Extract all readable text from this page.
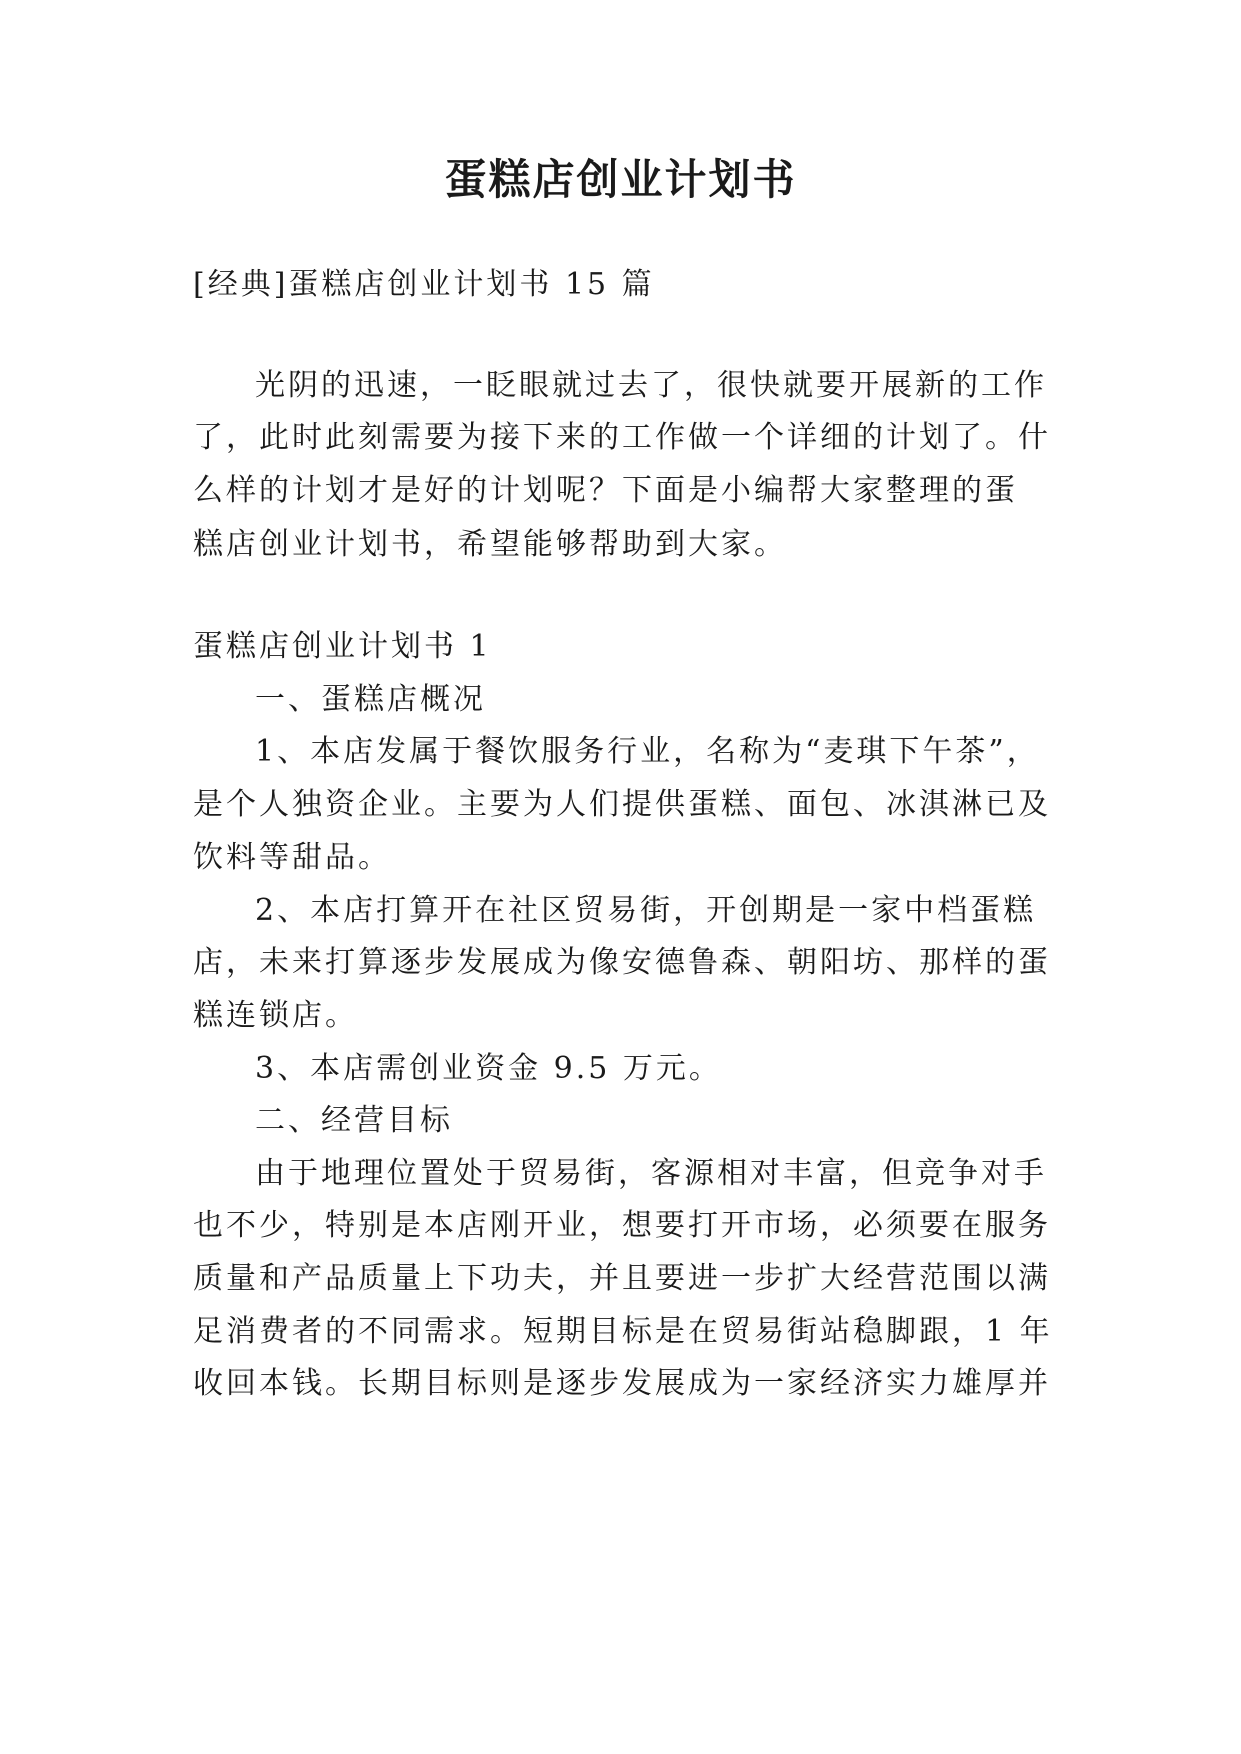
蛋糕店创业计划书

[经典]蛋糕店创业计划书 15 篇

光阴的迅速，一眨眼就过去了，很快就要开展新的工作

了，此时此刻需要为接下来的工作做一个详细的计划了。什

么样的计划才是好的计划呢？下面是小编帮大家整理的蛋

糕店创业计划书，希望能够帮助到大家。

蛋糕店创业计划书 1

一、蛋糕店概况

1、本店发属于餐饮服务行业，名称为“麦琪下午茶”，

是个人独资企业。主要为人们提供蛋糕、面包、冰淇淋已及

饮料等甜品。

2、本店打算开在社区贸易街，开创期是一家中档蛋糕

店，未来打算逐步发展成为像安德鲁森、朝阳坊、那样的蛋

糕连锁店。

3、本店需创业资金 9.5 万元。

二、经营目标

由于地理位置处于贸易街，客源相对丰富，但竞争对手

也不少，特别是本店刚开业，想要打开市场，必须要在服务

质量和产品质量上下功夫，并且要进一步扩大经营范围以满

足消费者的不同需求。短期目标是在贸易街站稳脚跟，1 年

收回本钱。长期目标则是逐步发展成为一家经济实力雄厚并
